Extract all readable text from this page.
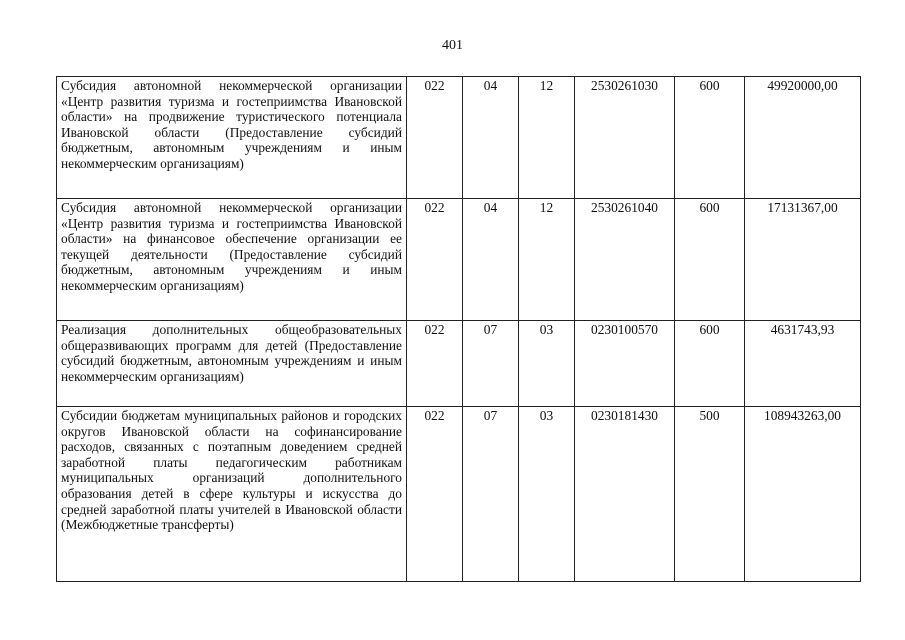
401
Субсидия автономной некоммерческой организации «Центр развития туризма и гостеприимства Ивановской области» на продвижение туристического потенциала Ивановской области (Предоставление субсидий бюджетным, автономным учреждениям и иным некоммерческим организациям)	022	04	12	2530261030	600	49920000,00
Субсидия автономной некоммерческой организации «Центр развития туризма и гостеприимства Ивановской области» на финансовое обеспечение организации ее текущей деятельности (Предоставление субсидий бюджетным, автономным учреждениям и иным некоммерческим организациям)	022	04	12	2530261040	600	17131367,00
Реализация дополнительных общеобразовательных общеразвивающих программ для детей (Предоставление субсидий бюджетным, автономным учреждениям и иным некоммерческим организациям)	022	07	03	0230100570	600	4631743,93
Субсидии бюджетам муниципальных районов и городских округов Ивановской области на софинансирование расходов, связанных с поэтапным доведением средней заработной платы педагогическим работникам муниципальных организаций дополнительного образования детей в сфере культуры и искусства до средней заработной платы учителей в Ивановской области (Межбюджетные трансферты)	022	07	03	0230181430	500	108943263,00
